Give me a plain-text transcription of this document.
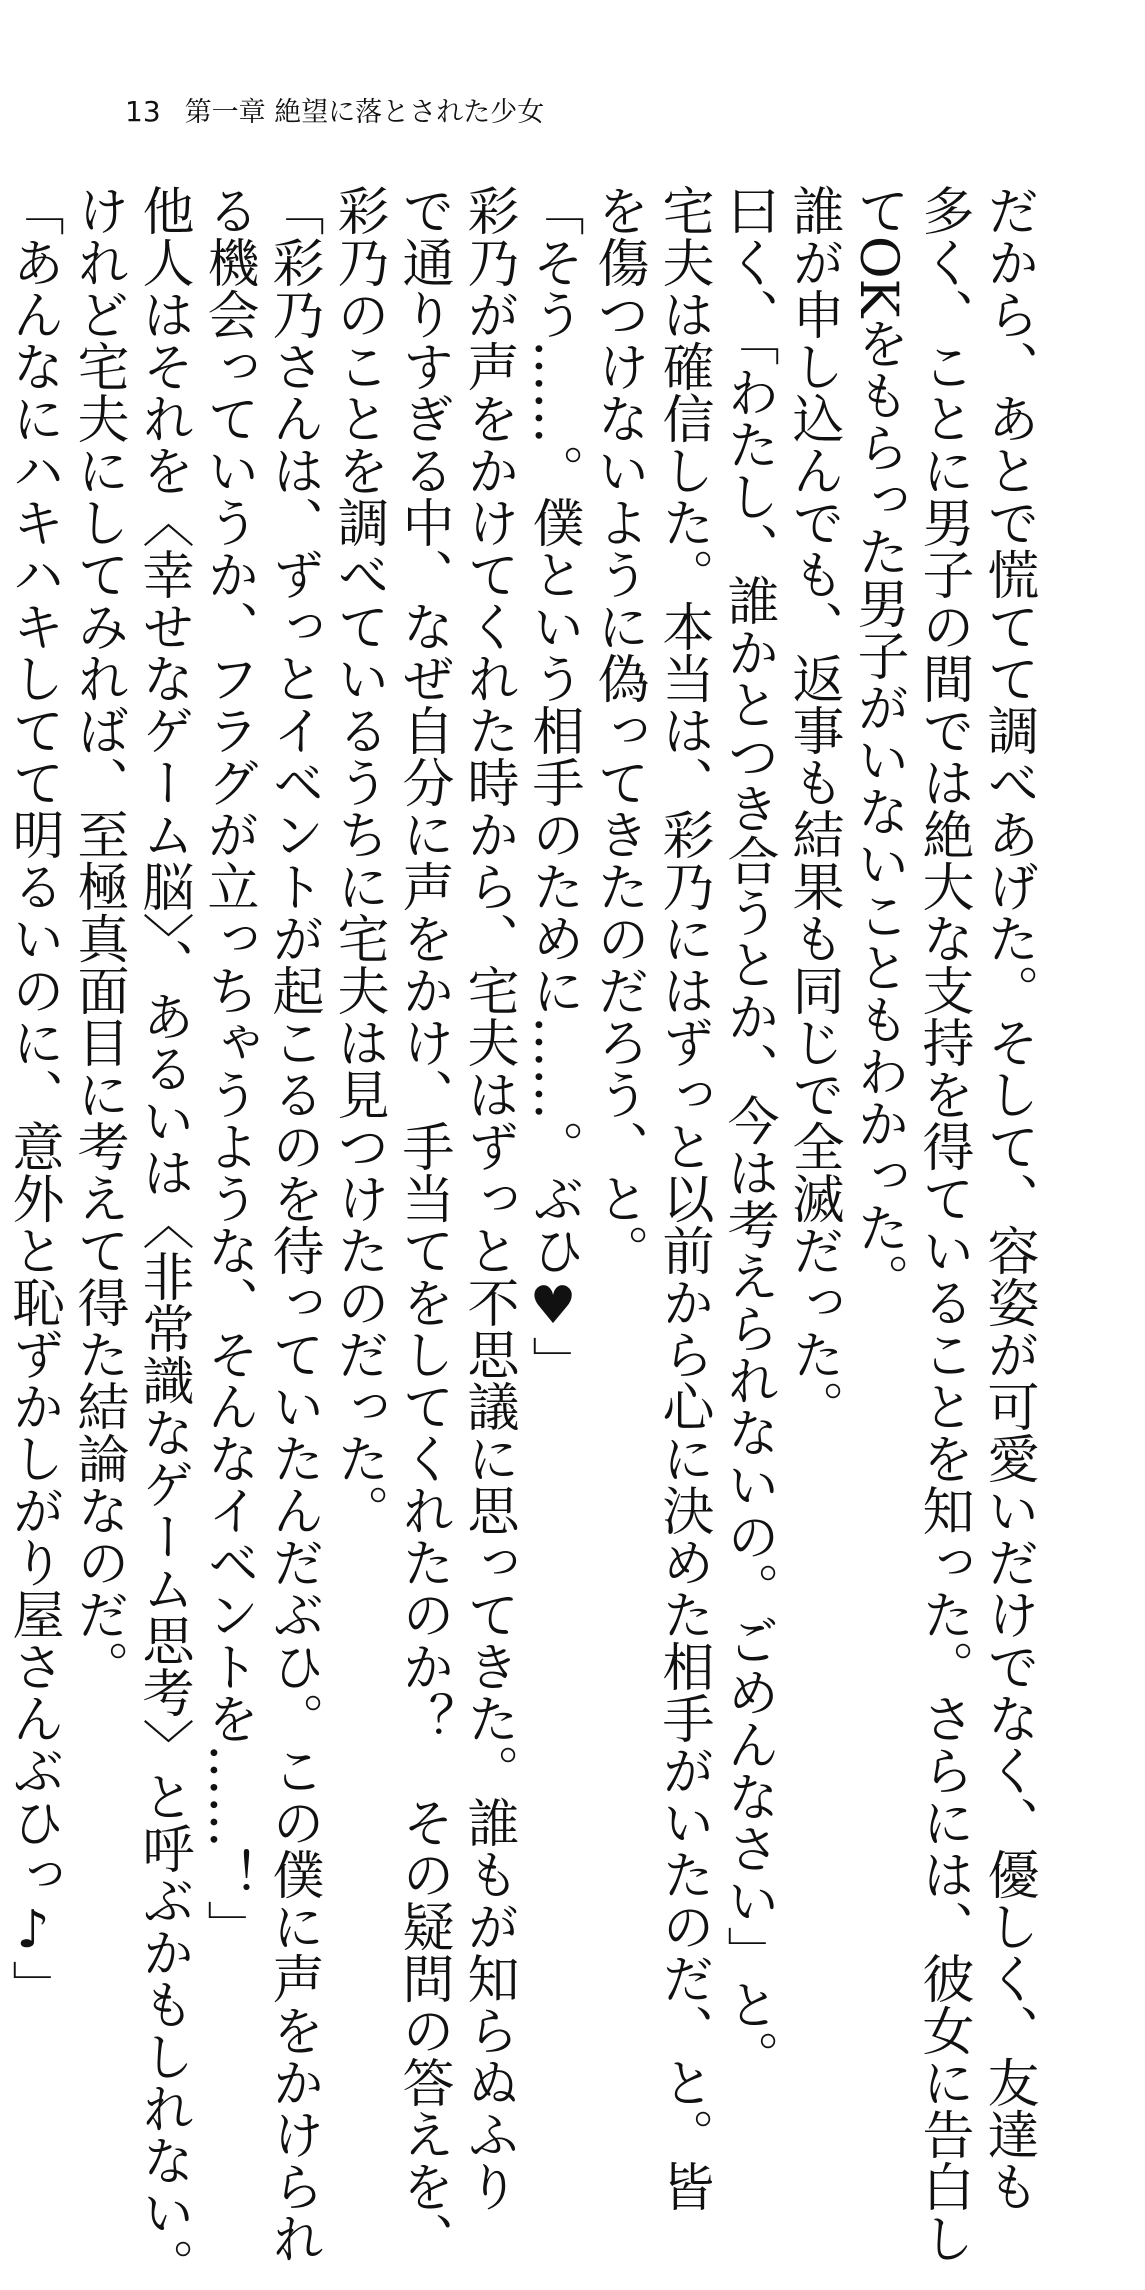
13 第一章 絶望に落とされた少女
だから、あとで慌てて調べあげた。そして、容姿が可愛いだけでなく、優しく、友達も
多く、ことに男子の間では絶大な支持を得ていることを知った。さらには、彼女に告白し
てOKをもらった男子がいないこともわかった。
誰が申し込んでも、返事も結果も同じで全滅だった。
曰く、「わたし、誰かとつき合うとか、今は考えられないの。ごめんなさい」と。
宅夫は確信した。本当は、彩乃にはずっと以前から心に決めた相手がいたのだ、と。皆
を傷つけないように偽ってきたのだろう、と。
「そう……。僕という相手のために……。ぶひ♥」
彩乃が声をかけてくれた時から、宅夫はずっと不思議に思ってきた。誰もが知らぬふり
で通りすぎる中、なぜ自分に声をかけ、手当てをしてくれたのか？　その疑問の答えを、
彩乃のことを調べているうちに宅夫は見つけたのだった。
「彩乃さんは、ずっとイベントが起こるのを待っていたんだぶひ。この僕に声をかけられ
る機会っていうか、フラグが立っちゃうような、そんなイベントを……！」
他人はそれを〈幸せなゲーム脳〉、あるいは〈非常識なゲーム思考〉と呼ぶかもしれない。
けれど宅夫にしてみれば、至極真面目に考えて得た結論なのだ。
「あんなにハキハキしてて明るいのに、意外と恥ずかしがり屋さんぶひっ♪」
